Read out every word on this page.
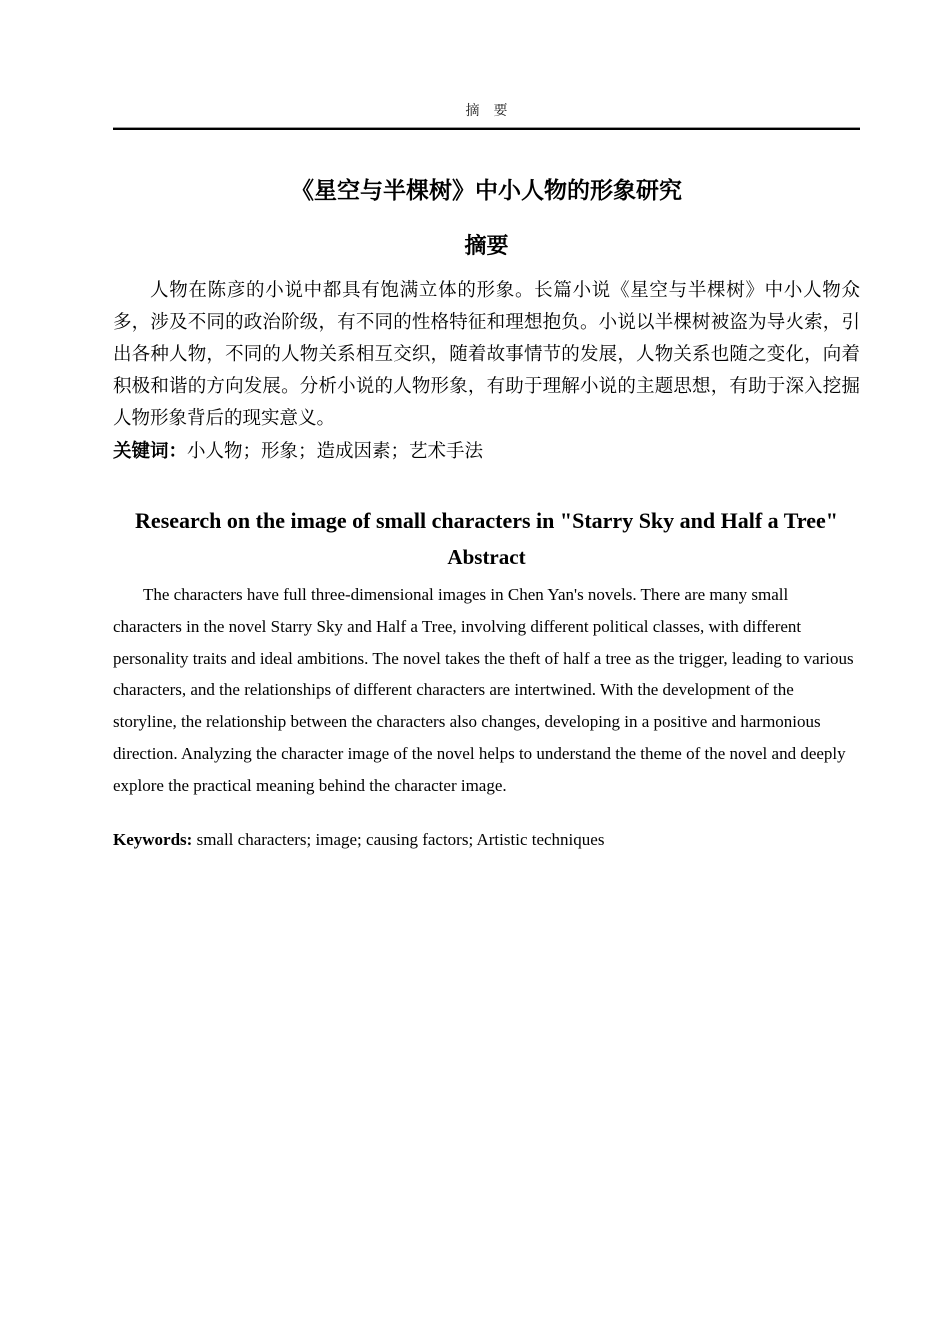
摘　要
《星空与半棵树》中小人物的形象研究
摘要
人物在陈彦的小说中都具有饱满立体的形象。长篇小说《星空与半棵树》中小人物众多，涉及不同的政治阶级，有不同的性格特征和理想抱负。小说以半棵树被盗为导火索，引出各种人物，不同的人物关系相互交织，随着故事情节的发展，人物关系也随之变化，向着积极和谐的方向发展。分析小说的人物形象，有助于理解小说的主题思想，有助于深入挖掘人物形象背后的现实意义。
关键词：小人物；形象；造成因素；艺术手法
Research on the image of small characters in "Starry Sky and Half a Tree"
Abstract
The characters have full three-dimensional images in Chen Yan's novels. There are many small characters in the novel Starry Sky and Half a Tree, involving different political classes, with different personality traits and ideal ambitions. The novel takes the theft of half a tree as the trigger, leading to various characters, and the relationships of different characters are intertwined. With the development of the storyline, the relationship between the characters also changes, developing in a positive and harmonious direction. Analyzing the character image of the novel helps to understand the theme of the novel and deeply explore the practical meaning behind the character image.
Keywords: small characters; image; causing factors; Artistic techniques
